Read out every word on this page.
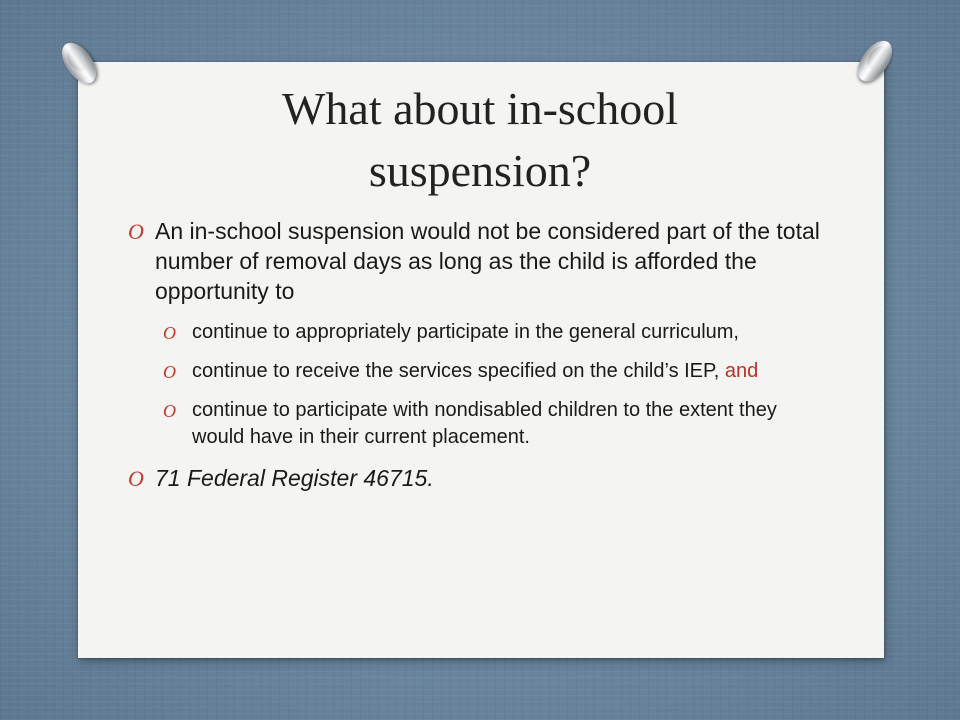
What about in-school
suspension?
O An in-school suspension would not be considered part of the total number of removal days as long as the child is afforded the opportunity to
O continue to appropriately participate in the general curriculum,
O continue to receive the services specified on the child’s IEP, and
O continue to participate with nondisabled children to the extent they would have in their current placement.
O 71 Federal Register 46715.
